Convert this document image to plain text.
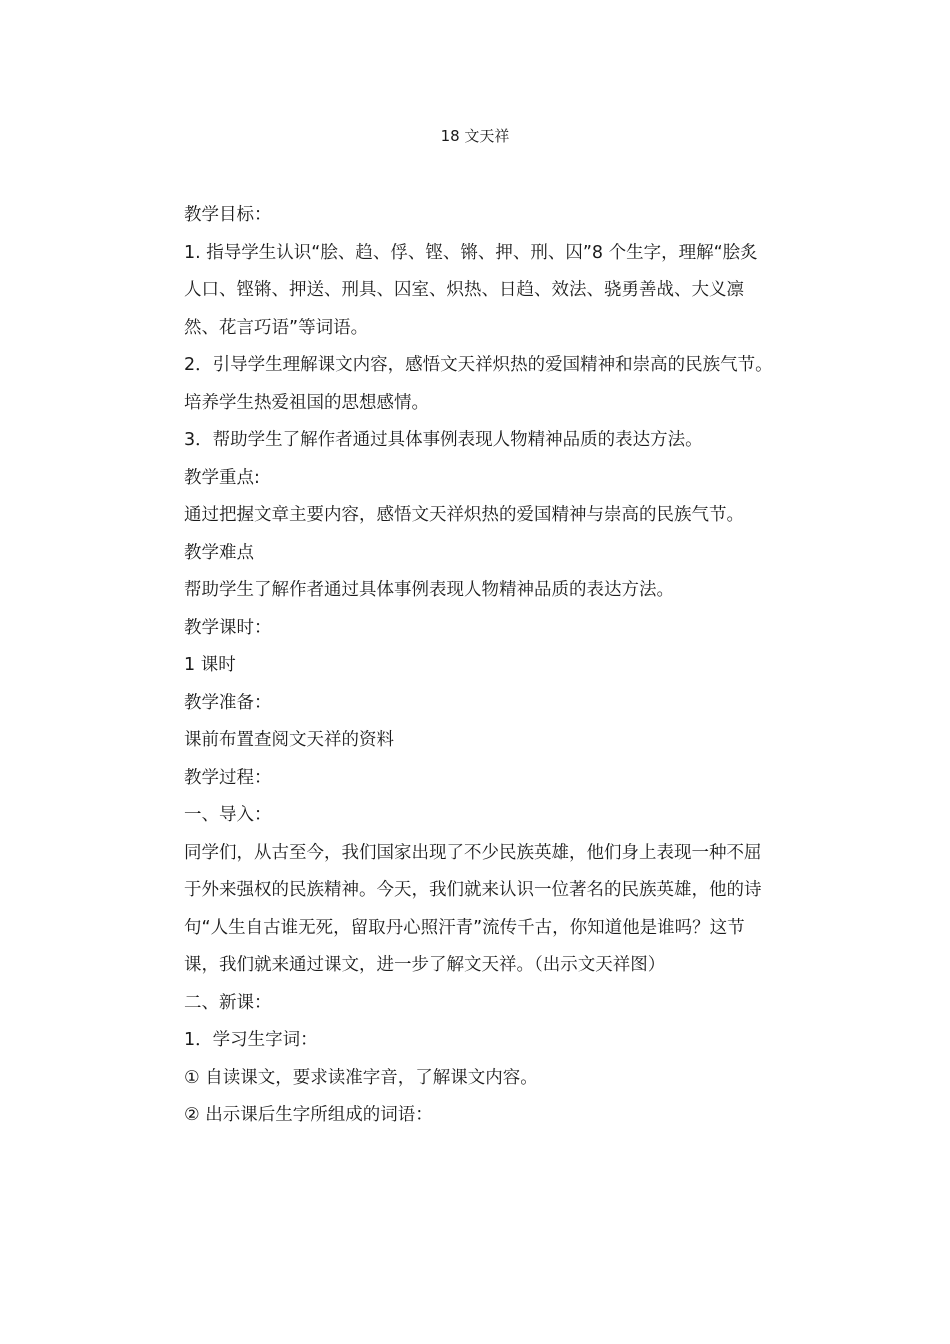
18 文天祥

教学目标：

1. 指导学生认识“脍、趋、俘、铿、锵、押、刑、囚”8 个生字，理解“脍炙人口、铿锵、押送、刑具、囚室、炽热、日趋、效法、骁勇善战、大义凛然、花言巧语”等词语。

2．引导学生理解课文内容，感悟文天祥炽热的爱国精神和崇高的民族气节。培养学生热爱祖国的思想感情。

3．帮助学生了解作者通过具体事例表现人物精神品质的表达方法。

教学重点:

通过把握文章主要内容，感悟文天祥炽热的爱国精神与崇高的民族气节。

教学难点

帮助学生了解作者通过具体事例表现人物精神品质的表达方法。

教学课时：

1 课时

教学准备：

课前布置查阅文天祥的资料

教学过程：

一、导入：

同学们，从古至今，我们国家出现了不少民族英雄，他们身上表现一种不屈于外来强权的民族精神。今天，我们就来认识一位著名的民族英雄，他的诗句“人生自古谁无死，留取丹心照汗青”流传千古，你知道他是谁吗？这节课，我们就来通过课文，进一步了解文天祥。（出示文天祥图）

二、新课：

1．学习生字词：

① 自读课文，要求读准字音，了解课文内容。

② 出示课后生字所组成的词语：
